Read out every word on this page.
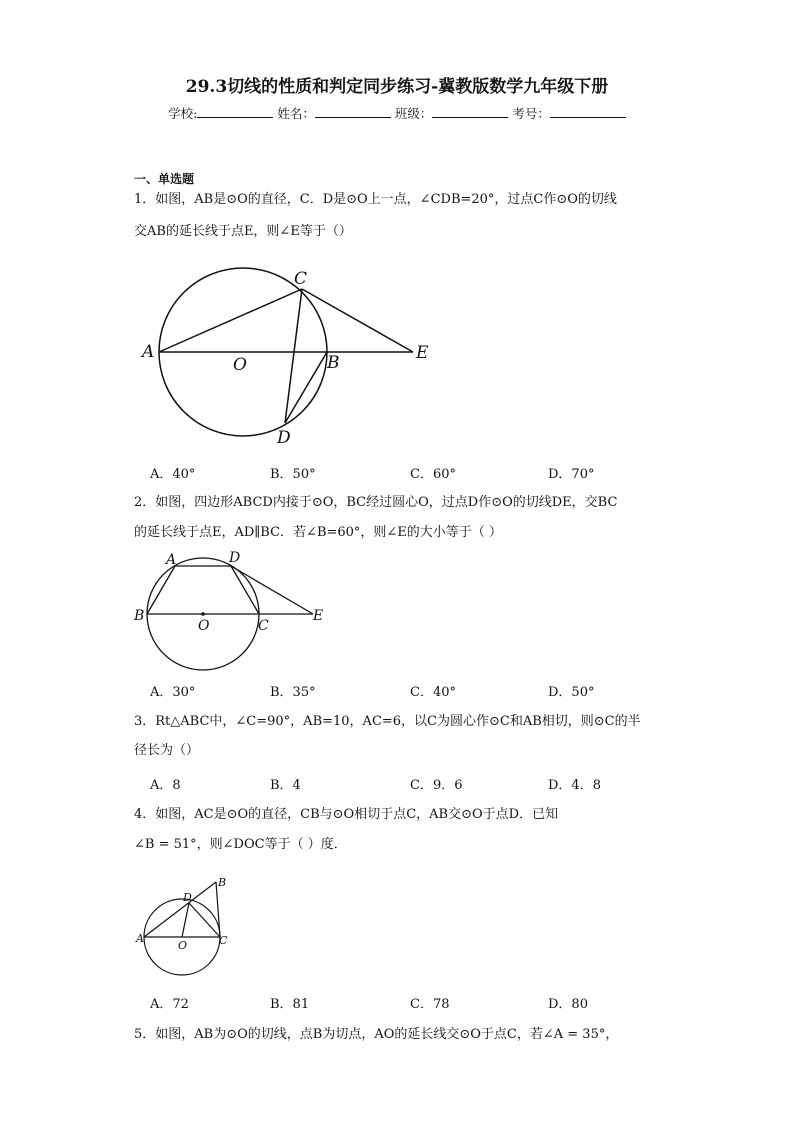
29.3切线的性质和判定同步练习-冀教版数学九年级下册
学校:	姓名：	班级：	考号：
一、单选题
1．如图，AB是⊙O的直径，C．D是⊙O上一点，∠CDB=20°，过点C作⊙O的切线
交AB的延长线于点E，则∠E等于（）
A
O	B
C
D
E
A．40°	B．50°	C．60°	D．70°
2．如图，四边形ABCD内接于⊙O，BC经过圆心O，过点D作⊙O的切线DE，交BC
的延长线于点E，AD∥BC．若∠B=60°，则∠E的大小等于（ ）
A	D
B
O	C
E
A．30°	B．35°	C．40°	D．50°
3．Rt△ABC中，∠C=90°，AB=10，AC=6，以C为圆心作⊙C和AB相切，则⊙C的半
径长为（）
A．8	B．4	C．9．6	D．4．8
4．如图，AC是⊙O的直径，CB与⊙O相切于点C，AB交⊙O于点D．已知
∠B = 51°，则∠DOC等于（ ）度．
A
D
B
O	C
A．72	B．81	C．78	D．80
5．如图，AB为⊙O的切线，点B为切点，AO的延长线交⊙O于点C，若∠A = 35°，
